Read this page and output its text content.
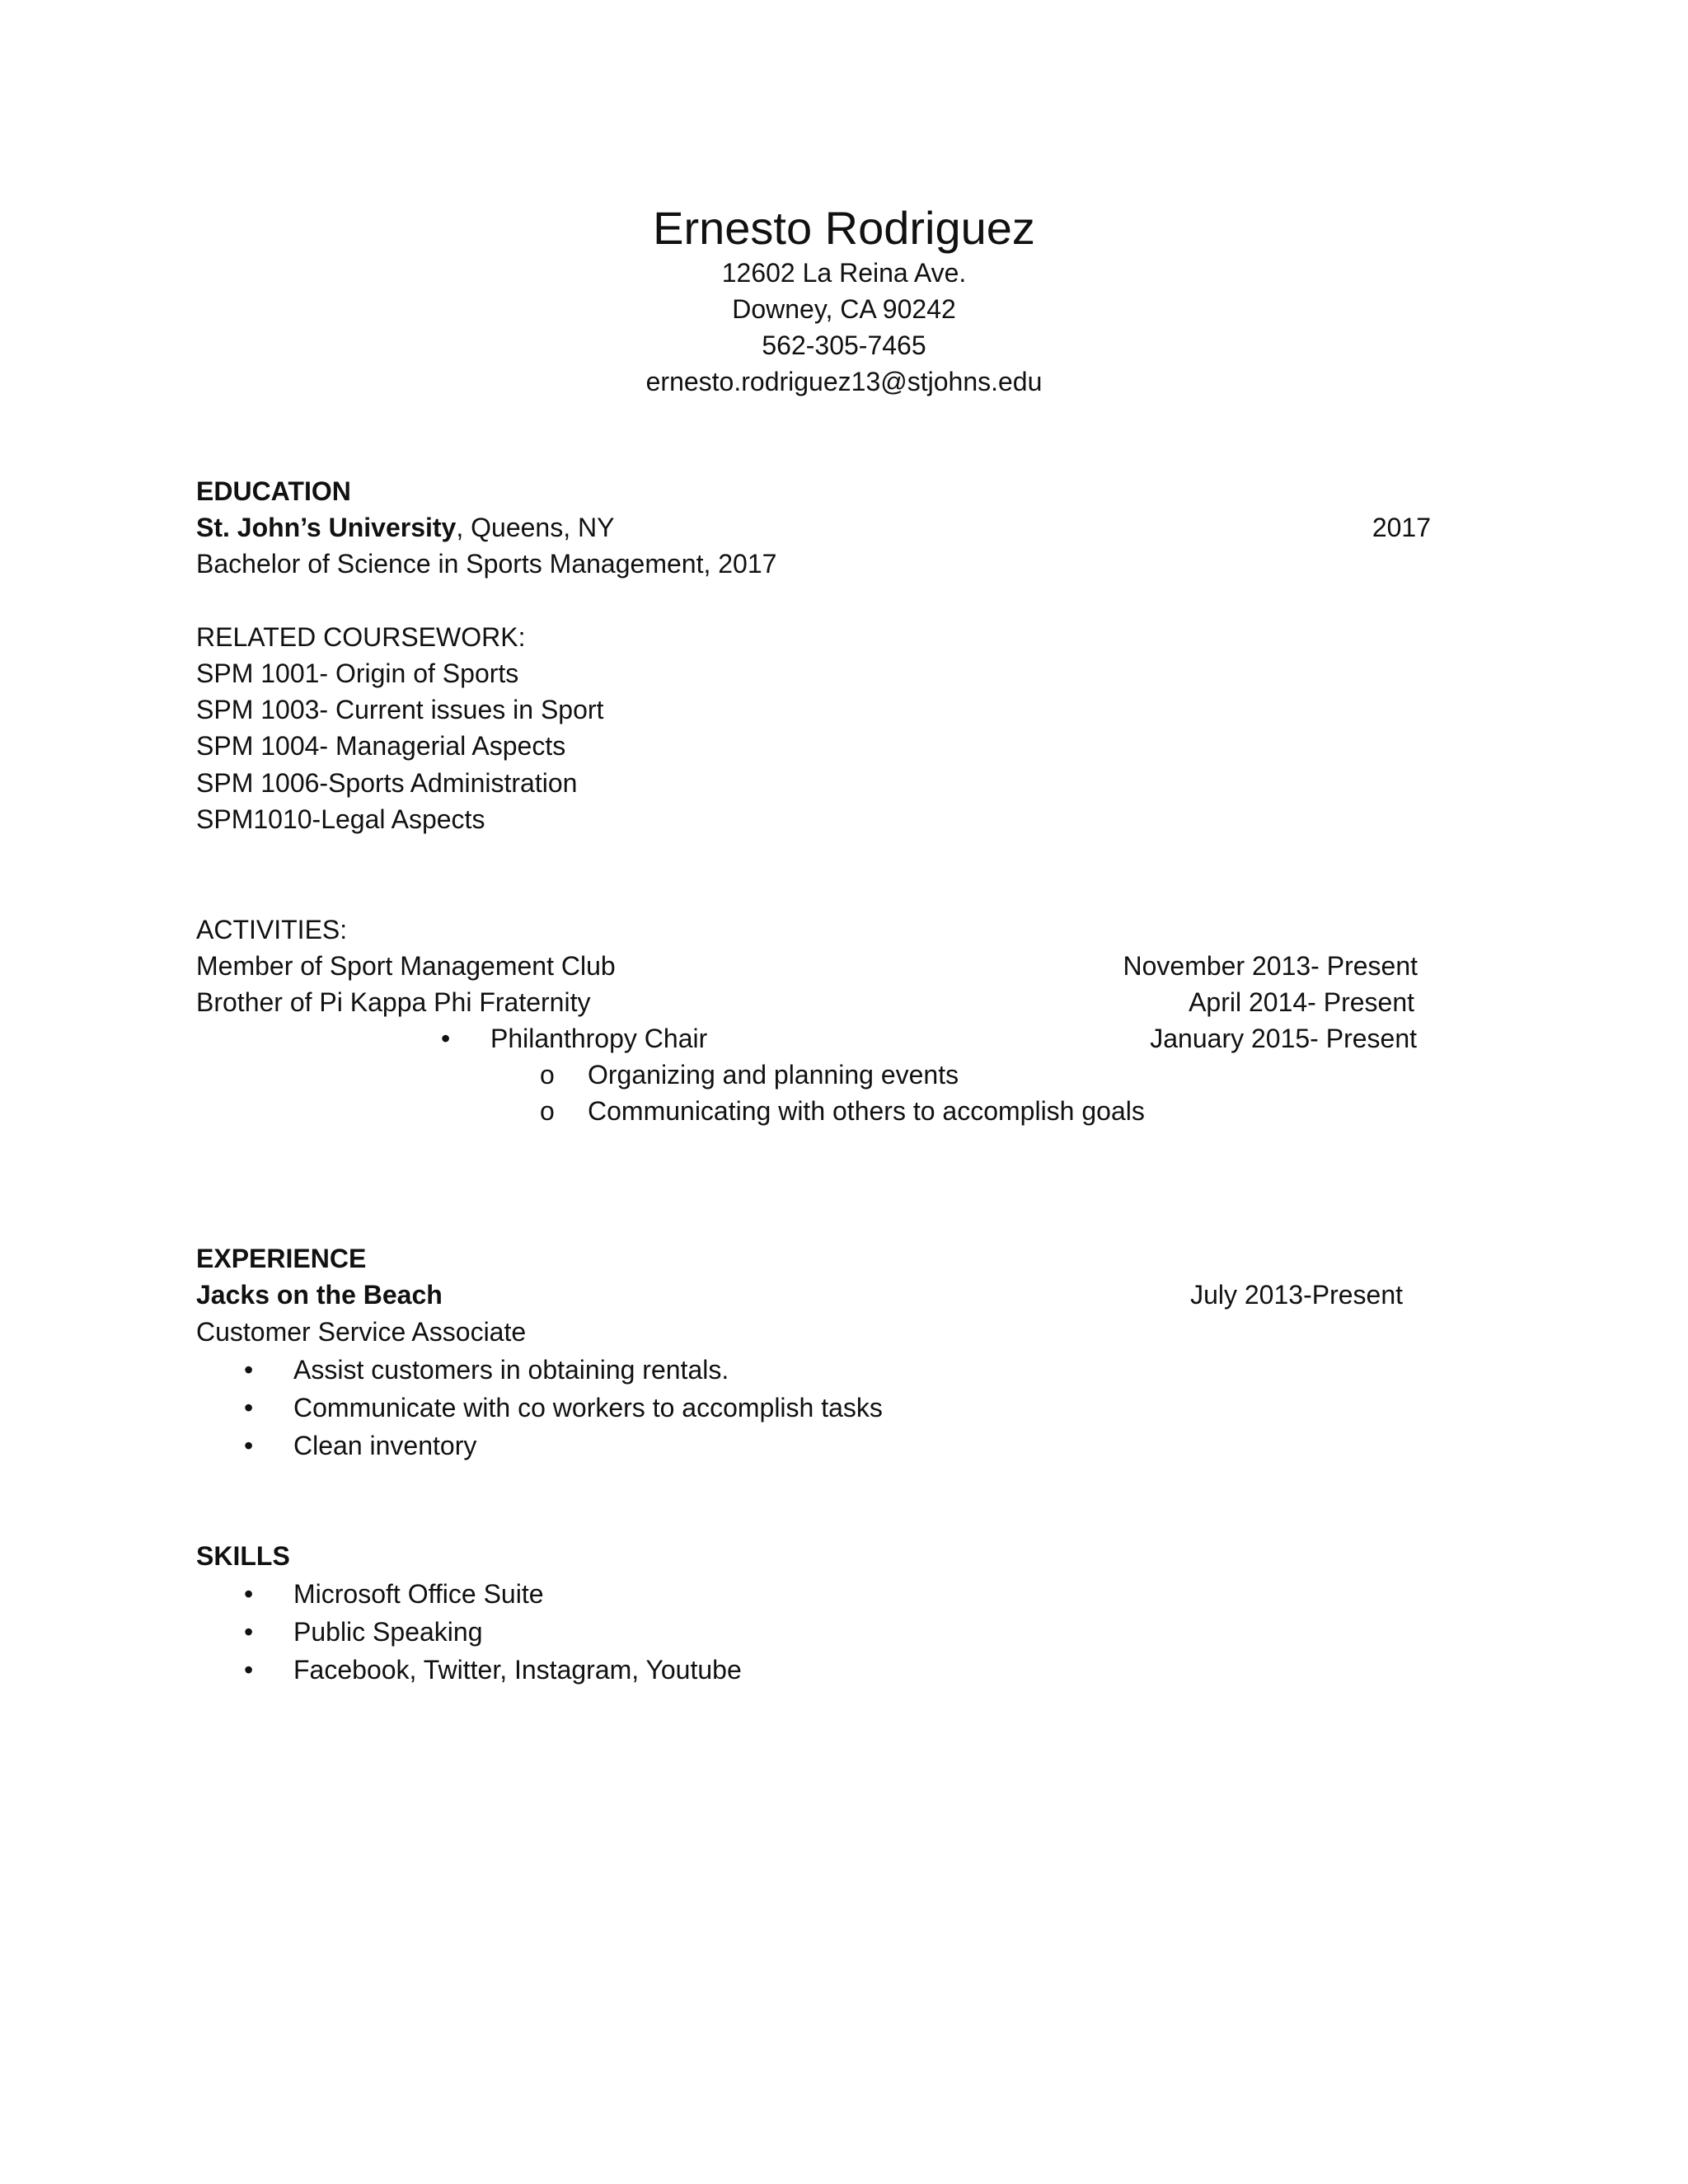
Ernesto Rodriguez
12602 La Reina Ave.
Downey, CA 90242
562-305-7465
ernesto.rodriguez13@stjohns.edu
EDUCATION
St. John’s University, Queens, NY	2017
Bachelor of Science in Sports Management, 2017
RELATED COURSEWORK:
SPM 1001- Origin of Sports
SPM 1003- Current issues in Sport
SPM 1004- Managerial Aspects
SPM 1006-Sports Administration
SPM1010-Legal Aspects
ACTIVITIES:
Member of Sport Management Club	November 2013- Present
Brother of Pi Kappa Phi Fraternity	April 2014- Present
• Philanthropy Chair	January 2015- Present
o Organizing and planning events
o Communicating with others to accomplish goals
EXPERIENCE
Jacks on the Beach	July 2013-Present
Customer Service Associate
• Assist customers in obtaining rentals.
• Communicate with co workers to accomplish tasks
• Clean inventory
SKILLS
• Microsoft Office Suite
• Public Speaking
• Facebook, Twitter, Instagram, Youtube
